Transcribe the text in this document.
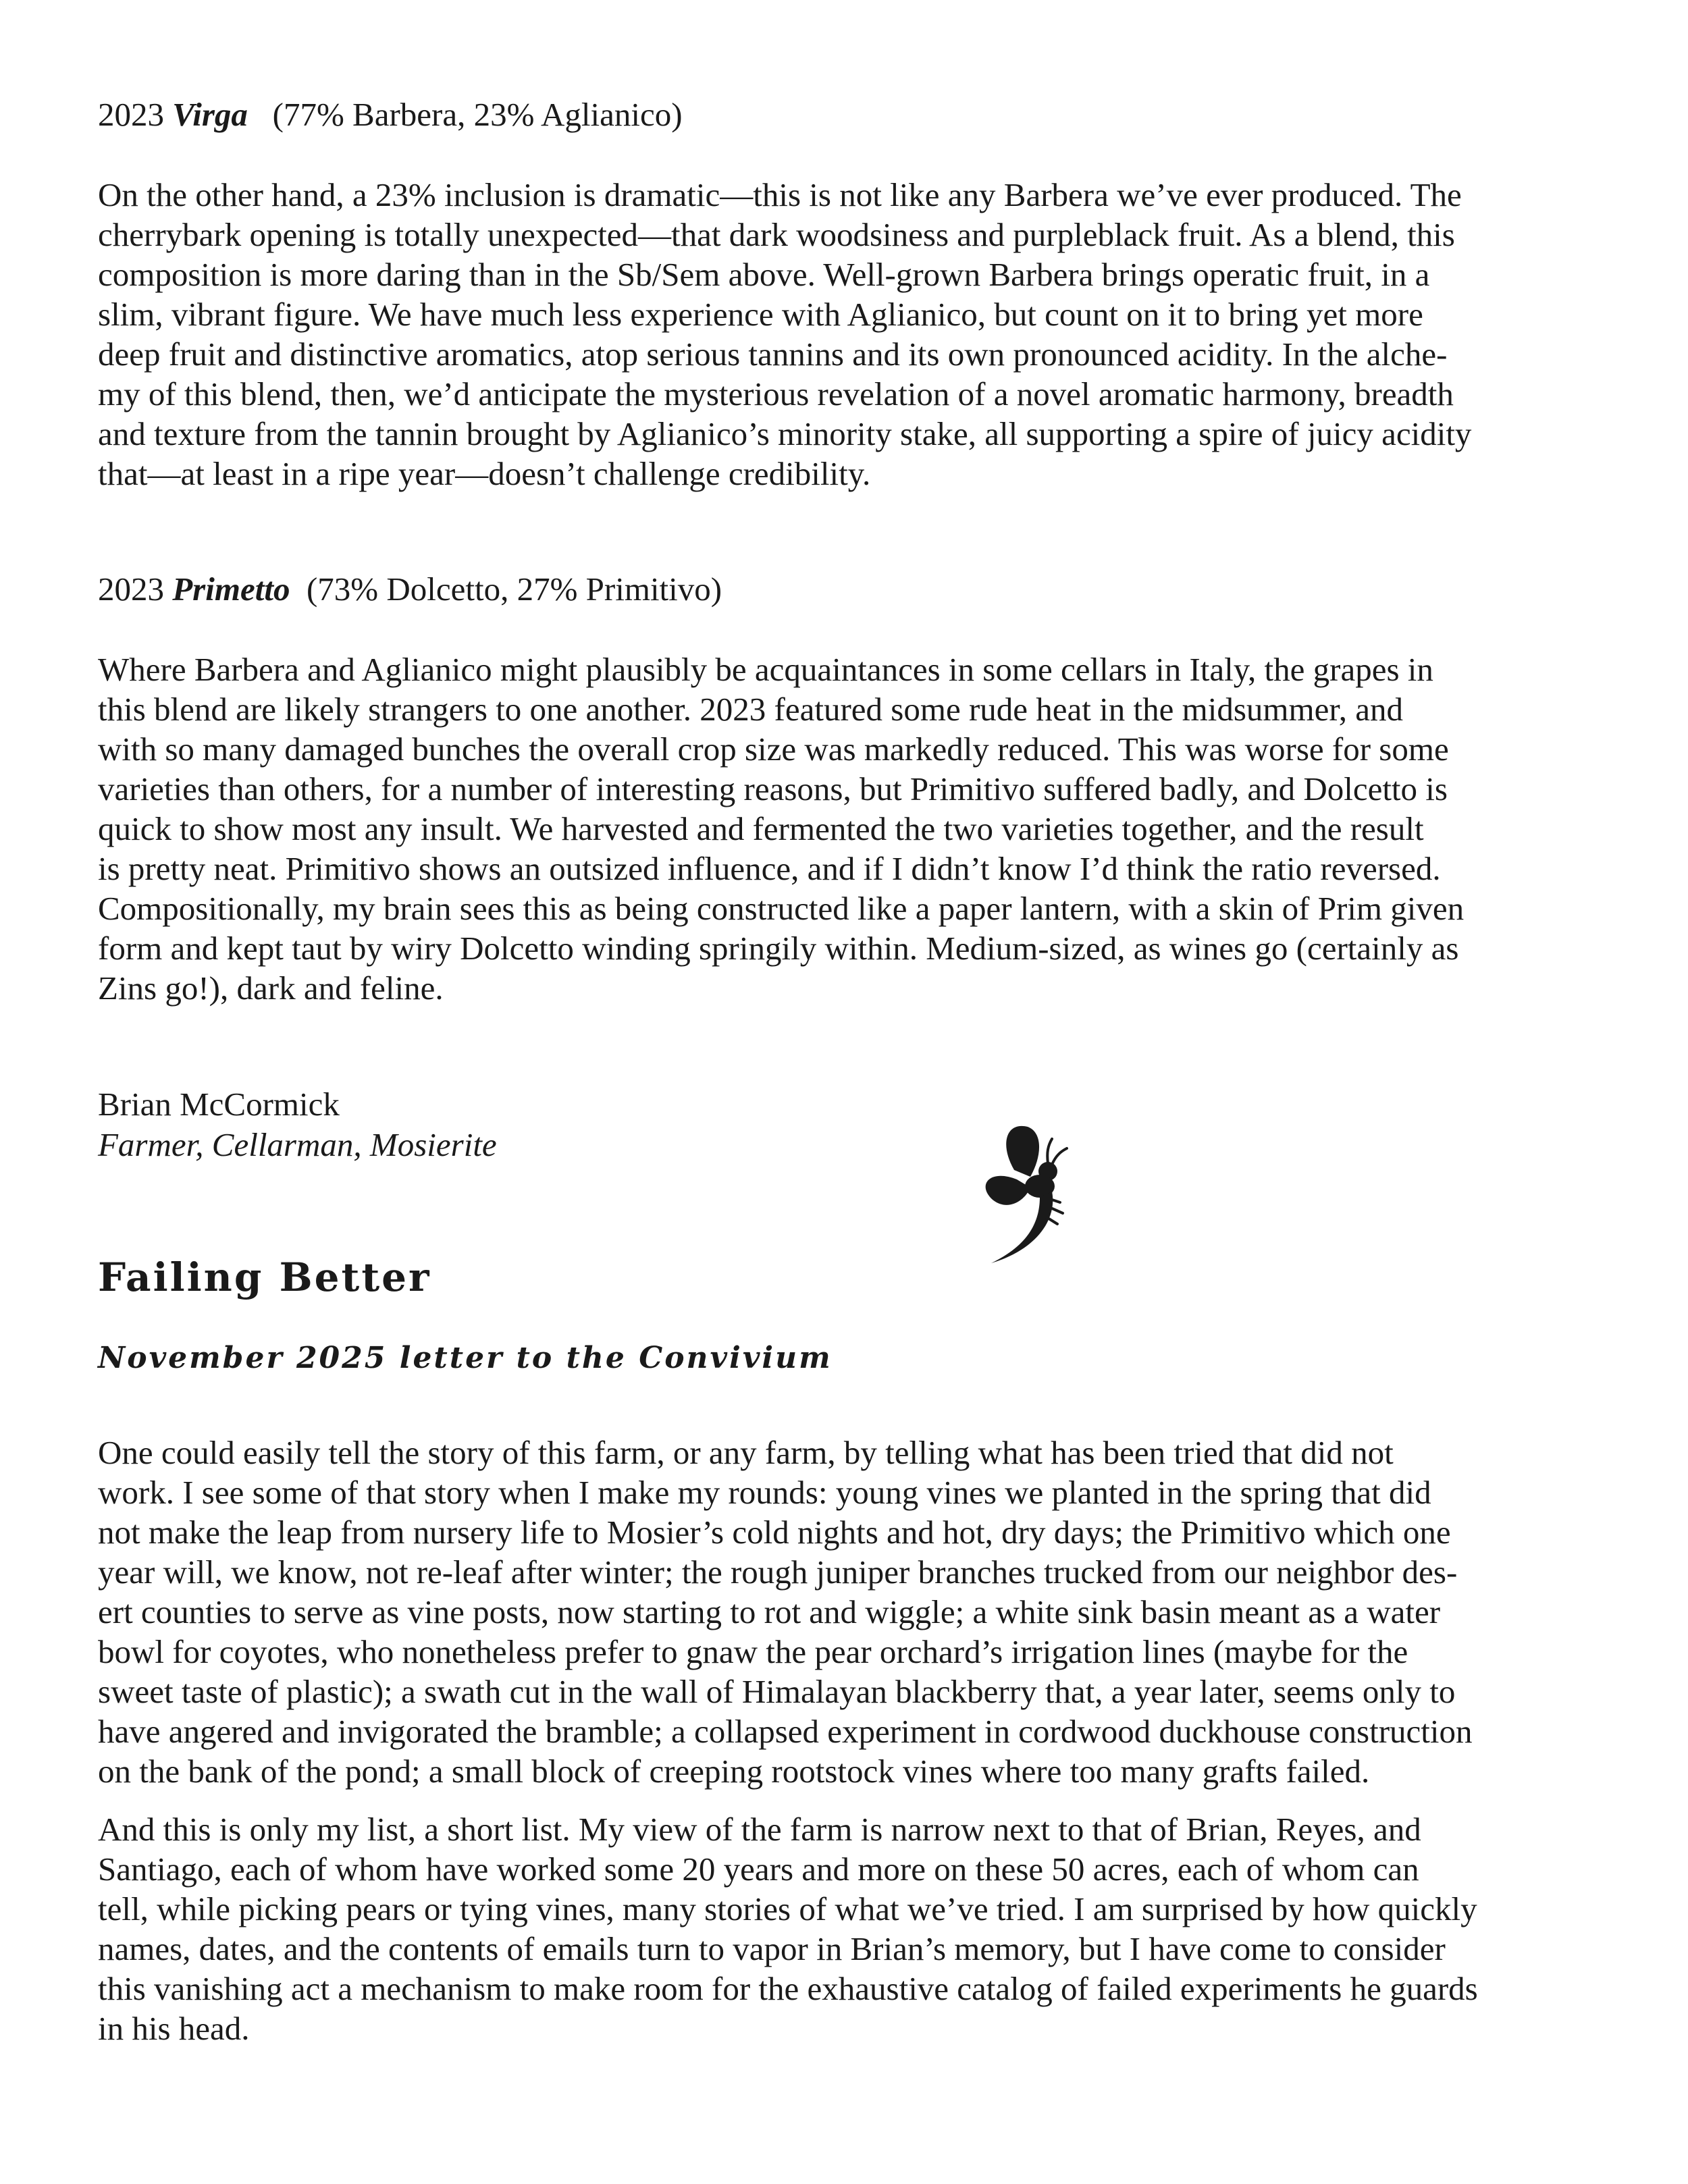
2023 Virga (77% Barbera, 23% Aglianico)

On the other hand, a 23% inclusion is dramatic—this is not like any Barbera we’ve ever produced. The
cherrybark opening is totally unexpected—that dark woodsiness and purpleblack fruit. As a blend, this
composition is more daring than in the Sb/Sem above. Well-grown Barbera brings operatic fruit, in a
slim, vibrant figure. We have much less experience with Aglianico, but count on it to bring yet more
deep fruit and distinctive aromatics, atop serious tannins and its own pronounced acidity. In the alche-
my of this blend, then, we’d anticipate the mysterious revelation of a novel aromatic harmony, breadth
and texture from the tannin brought by Aglianico’s minority stake, all supporting a spire of juicy acidity
that—at least in a ripe year—doesn’t challenge credibility.

2023 Primetto (73% Dolcetto, 27% Primitivo)

Where Barbera and Aglianico might plausibly be acquaintances in some cellars in Italy, the grapes in
this blend are likely strangers to one another. 2023 featured some rude heat in the midsummer, and
with so many damaged bunches the overall crop size was markedly reduced. This was worse for some
varieties than others, for a number of interesting reasons, but Primitivo suffered badly, and Dolcetto is
quick to show most any insult. We harvested and fermented the two varieties together, and the result
is pretty neat. Primitivo shows an outsized influence, and if I didn’t know I’d think the ratio reversed.
Compositionally, my brain sees this as being constructed like a paper lantern, with a skin of Prim given
form and kept taut by wiry Dolcetto winding springily within. Medium-sized, as wines go (certainly as
Zins go!), dark and feline.

Brian McCormick
Farmer, Cellarman, Mosierite
Failing Better
November 2025 letter to the Convivium

One could easily tell the story of this farm, or any farm, by telling what has been tried that did not
work. I see some of that story when I make my rounds: young vines we planted in the spring that did
not make the leap from nursery life to Mosier’s cold nights and hot, dry days; the Primitivo which one
year will, we know, not re-leaf after winter; the rough juniper branches trucked from our neighbor des-
ert counties to serve as vine posts, now starting to rot and wiggle; a white sink basin meant as a water
bowl for coyotes, who nonetheless prefer to gnaw the pear orchard’s irrigation lines (maybe for the
sweet taste of plastic); a swath cut in the wall of Himalayan blackberry that, a year later, seems only to
have angered and invigorated the bramble; a collapsed experiment in cordwood duckhouse construction
on the bank of the pond; a small block of creeping rootstock vines where too many grafts failed.

And this is only my list, a short list. My view of the farm is narrow next to that of Brian, Reyes, and
Santiago, each of whom have worked some 20 years and more on these 50 acres, each of whom can
tell, while picking pears or tying vines, many stories of what we’ve tried. I am surprised by how quickly
names, dates, and the contents of emails turn to vapor in Brian’s memory, but I have come to consider
this vanishing act a mechanism to make room for the exhaustive catalog of failed experiments he guards
in his head.
